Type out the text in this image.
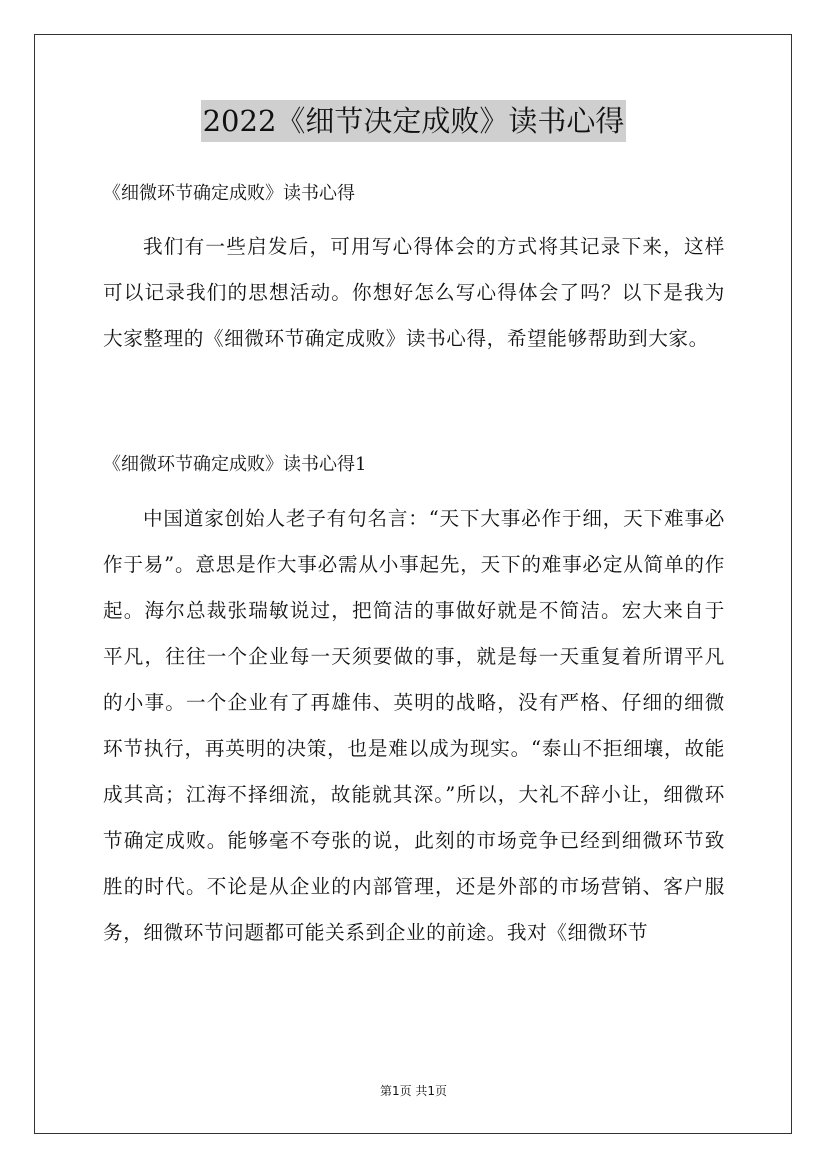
2022《细节决定成败》读书心得
《细微环节确定成败》读书心得

我们有一些启发后，可用写心得体会的方式将其记录下来，这样可以记录我们的思想活动。你想好怎么写心得体会了吗？以下是我为大家整理的《细微环节确定成败》读书心得，希望能够帮助到大家。

《细微环节确定成败》读书心得1

中国道家创始人老子有句名言：“天下大事必作于细，天下难事必作于易”。意思是作大事必需从小事起先，天下的难事必定从简单的作起。海尔总裁张瑞敏说过，把简洁的事做好就是不简洁。宏大来自于平凡，往往一个企业每一天须要做的事，就是每一天重复着所谓平凡的小事。一个企业有了再雄伟、英明的战略，没有严格、仔细的细微环节执行，再英明的决策，也是难以成为现实。“泰山不拒细壤，故能成其高；江海不择细流，故能就其深。”所以，大礼不辞小让，细微环节确定成败。能够毫不夸张的说，此刻的市场竞争已经到细微环节致胜的时代。不论是从企业的内部管理，还是外部的市场营销、客户服务，细微环节问题都可能关系到企业的前途。我对《细微环节

第1页 共1页
